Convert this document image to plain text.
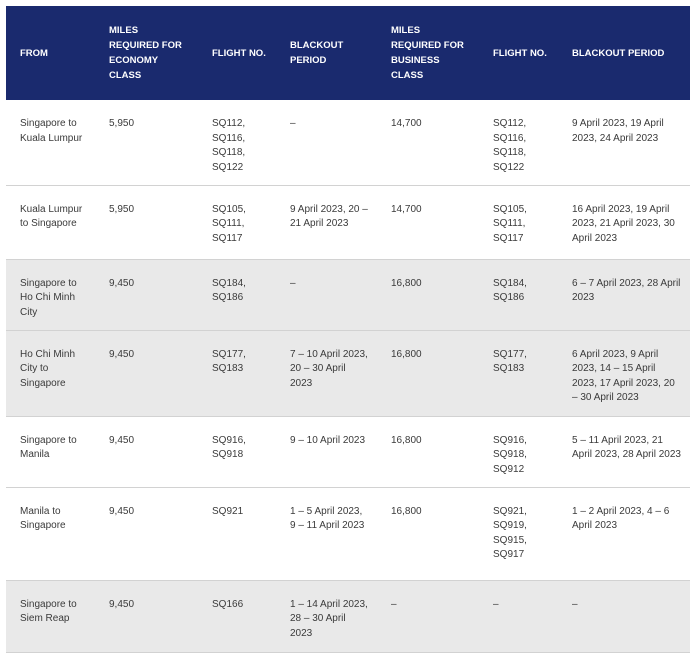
FROM	MILES REQUIRED FOR ECONOMY CLASS	FLIGHT NO.	BLACKOUT PERIOD	MILES REQUIRED FOR BUSINESS CLASS	FLIGHT NO.	BLACKOUT PERIOD
Singapore to Kuala Lumpur	5,950	SQ112, SQ116, SQ118, SQ122	–	14,700	SQ112, SQ116, SQ118, SQ122	9 April 2023, 19 April 2023, 24 April 2023
Kuala Lumpur to Singapore	5,950	SQ105, SQ111, SQ117	9 April 2023, 20 – 21 April 2023	14,700	SQ105, SQ111, SQ117	16 April 2023, 19 April 2023, 21 April 2023, 30 April 2023
Singapore to Ho Chi Minh City	9,450	SQ184, SQ186	–	16,800	SQ184, SQ186	6 – 7 April 2023, 28 April 2023
Ho Chi Minh City to Singapore	9,450	SQ177, SQ183	7 – 10 April 2023, 20 – 30 April 2023	16,800	SQ177, SQ183	6 April 2023, 9 April 2023, 14 – 15 April 2023, 17 April 2023, 20 – 30 April 2023
Singapore to Manila	9,450	SQ916, SQ918	9 – 10 April 2023	16,800	SQ916, SQ918, SQ912	5 – 11 April 2023, 21 April 2023, 28 April 2023
Manila to Singapore	9,450	SQ921	1 – 5 April 2023, 9 – 11 April 2023	16,800	SQ921, SQ919, SQ915, SQ917	1 – 2 April 2023, 4 – 6 April 2023
Singapore to Siem Reap	9,450	SQ166	1 – 14 April 2023, 28 – 30 April 2023	–	–	–
